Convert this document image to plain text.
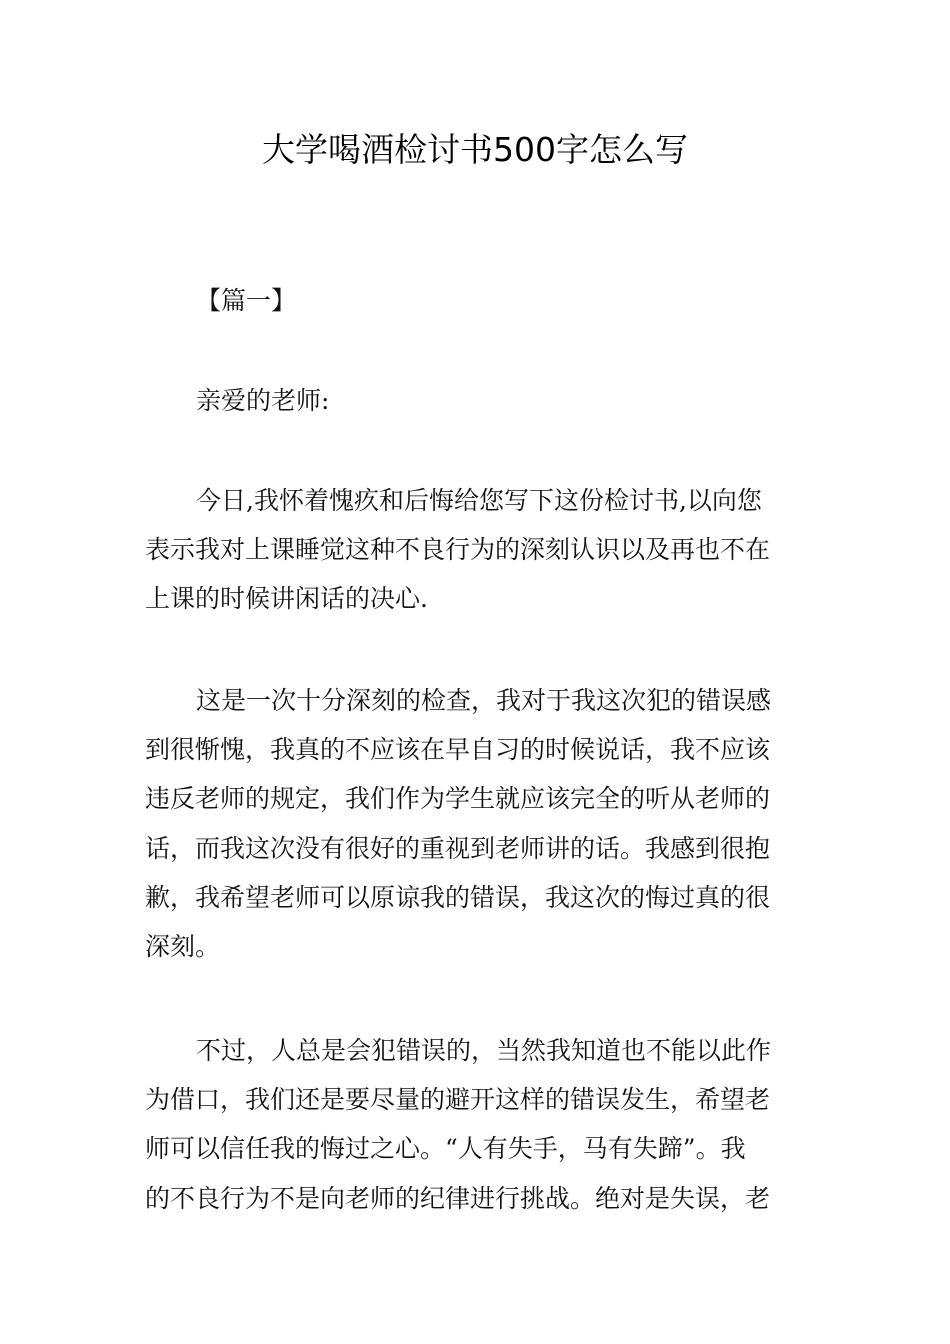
大学喝酒检讨书500字怎么写
【篇一】
亲爱的老师:
今日,我怀着愧疚和后悔给您写下这份检讨书,以向您
表示我对上课睡觉这种不良行为的深刻认识以及再也不在
上课的时候讲闲话的决心.
这是一次十分深刻的检查，我对于我这次犯的错误感
到很惭愧，我真的不应该在早自习的时候说话，我不应该
违反老师的规定，我们作为学生就应该完全的听从老师的
话，而我这次没有很好的重视到老师讲的话。我感到很抱
歉，我希望老师可以原谅我的错误，我这次的悔过真的很
深刻。
不过，人总是会犯错误的，当然我知道也不能以此作
为借口，我们还是要尽量的避开这样的错误发生，希望老
师可以信任我的悔过之心。“人有失手，马有失蹄”。我
的不良行为不是向老师的纪律进行挑战。绝对是失误，老
